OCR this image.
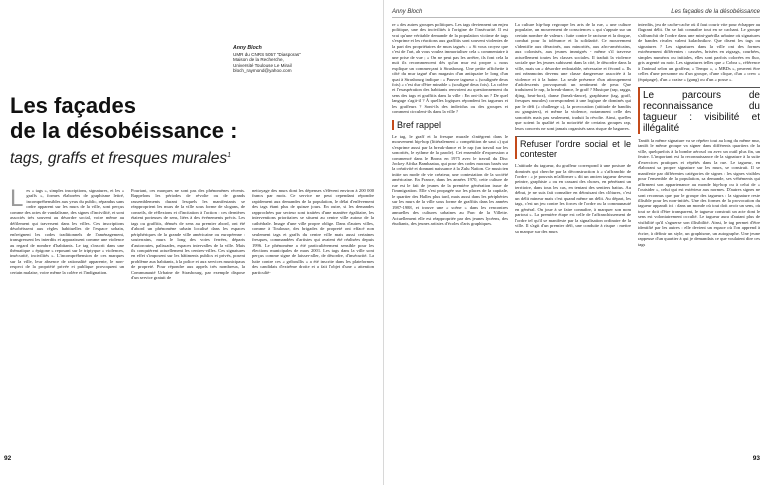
Anny Bloch
UMR du CNRS 5057 "Diasporas"
Maison de la Recherche,
Université Toulouse Le Mirail
bloch_raymond@yahoo.com
Les façades
de la désobéissance :
tags, graffs et fresques murales$^1$

Les « tags », simples inscriptions, signatures, et les « graffs », formes élaborées de graphisme lettré, incompréhensibles aux yeux du public, répandus sans ordre apparent sur les murs de la ville, sont perçus comme des actes de vandalisme, des signes d'incivilité, et sont associés très souvent au désordre social, voire même au défilement qui traversent dans les villes. Ces inscriptions désobéissent aux règles habituelles de l'espace urbain, enfreignent les codes traditionnels de l'aménagement, transgressent les interdits et apparaissent comme une violence au regard de nombre d'habitants. Le tag s'inscrit dans une thématique « épigone » reposant sur le triptyque « violences, insécurité, incivilités ». L'incompréhension de ces marques sur la ville, leur absence de rationalité apparente, le non-respect de la propriété privée et publique provoquent un certain malaise, voire même la colère et l'indignation.

Pourtant, ces marques ne sont pas des phénomènes récents. Rappelons les périodes de révolte ou de grands rassemblements durant lesquels les manifestants se réapproprient les murs de la ville sous forme de slogans, de conseils, de réflexions et d'incitation à l'action : ces dernières étaient porteuses de sens, liées à des événements précis. Les tags ou graffitis, dénués de sens au premier abord, ont été d'abord un phénomène urbain localisé dans les espaces périphériques de la grande ville américaine ou européenne : souterrains, murs le long des voies ferrées, départs d'autoroutes, palissades, espaces intervalles de la ville. Mais ils conquièrent actuellement les centres-villes. Ces signatures en effet s'imposent sur les bâtiments publics et privés, posent problème aux habitants, à la police et aux services municipaux de propreté. Pour répondre aux appels très nombreux, la Communauté Urbaine de Strasbourg, par exemple dispose d'un service gratuit de

nettoyage des murs dont les dépenses s'élèvent environ à 200 000 francs par mois. Ce service ne peut cependant répondre rapidement aux demandes de la population, le délai d'enlèvement des tags étant plus de quinze jours. En outre, si les demandes rapprochées par secteur sont traitées d'une manière égalitaire, les interventions prioritaires se situent au centre ville autour de la cathédrale. Image d'une ville propre oblige. Dans d'autres villes, comme à Toulouse, des brigades de propreté ont effacé non seulement tags et graffs du centre ville mais aussi certaines fresques, commandées d'artistes qui avaient été réalisées depuis 1996. Le phénomène a été particulièrement sensible pour les élections municipales de mars 2001. Les tags dans la ville sont perçus comme signe de laisser-aller, de désordre, d'insécurité. La lutte contre ces « griboullis » a été inscrite dans les plateformes des candidats d'extrême droite et a fait l'objet d'une « attention particuliè-

92
Anny Bloch	Les façades de la désobéissance

re » des autres groupes politiques. Les tags deviennent un enjeu politique, une des incivilités à l'origine de l'insécurité. Il est vrai qu'une véritable demande de la population victime de tags s'exprime et les réactions aux graffitis sont souvent violentes de la part des propriétaires de murs tagués : « Si vous croyez que c'est de l'art, ah vous voulez immortaliser cela » commentaire à une prise de vue ; « On ne peut pas les arrêter, ils font cela la nuit ils recommencent dès qu'un mur est propre » nous explique un commerçant à Strasbourg. Une petite affichette à côté du mur tagué d'un magasin d'un antiquaire le long d'un quai à Strasbourg indique : « Pauvre tagueur » (soulignée deux fois) « c'est dur d'être minable » (souligné deux fois). La colère et l'exaspération des habitants renvoient au questionnement du sens des tags et graffitis dans la ville : En ont-ils un ? De quel langage s'agit-il ? À quelles logiques répondent les tagueurs et les graffeurs ? Sont-ils des individus ou des groupes et comment circulent-ils dans la ville ?

Bref rappel

Le tag, le graff et la fresque murale s'intègrent dans le mouvement hip-hop (littéralement « compétition de saut ») qui s'exprime aussi par la break-dance et le rap (un travail sur les sonorités, le rythme de la parole). Cet ensemble d'expression a commencé dans le Bronx en 1975 avec le travail du Disc Jockey Afrika Bambaataa, qui pose des codes moraux basés sur la créativité et donnant naissance à la Zulu Nation. Ce musicien initie un mode de vie créateur, une contestation de la société américaine. En France, dans les années 1970, cette culture de rue est le fait de jeunes de la première génération issue de l'immigration. Elle s'est propagée sur les places de la capitale, le quartier des Halles plus tard, mais aussi dans les périphéries sur les murs de la ville sous forme de graffitis dans les années 1987-1988, et trouve une « scène » dans les rencontres annuelles des cultures urbaines au Parc de la Villette. Actuellement elle est réappropriée par des jeunes lycéens, des étudiants, des jeunes artistes d'écoles d'arts graphiques.

La culture hip-hop regroupe les arts de la rue, « une culture populaire, un mouvement de consciences » qui s'appuie sur un certain nombre de valeurs : lutte contre le racisme et la drogue, combat pour la tolérance et la solidarité. Ce mouvement s'identifie aux déracinés, aux minorités, aux afro-américains, aux colonisés, aux jeunes immigrés - même s'il traverse actuellement toutes les classes sociales. Il traduit la violence sociale que les jeunes subissent dans la cité, le désordre dans la ville, mais un « désordre redoutable, nécessaire et fécond ». Ils ont néanmoins devenu une classe dangereuse associée à la violence et à la haine. La seule présence d'un attroupement d'adolescents provoquerait un sentiment de peur. Que traduisent le rap, la break-dance, le graff ? Musique (rap, ragga, djing, beat-box), danse (break-dance), graphisme (tag, graff, fresques murales) correspondent à une logique de dominés qui par le défi (« challenge »), la provocation (attitude de bandits ou gangsters), et même la violence, notamment celle des sonorités mais pas seulement, traduit la révolte. Ainsi, quelles que soient la qualité et la notoriété de certains groupes rap, leurs concerts ne sont jamais organisés sans risque de bagarres.

Refuser l'ordre social et le contester

L'attitude du tagueur, du graffeur correspond à une posture de dominés qui cherche par la déconstruction à « s'affranchir de l'ordre : « je pouvais m'affirmer » dit un ancien tagueur devenu peintre, graphiste « ou en cassant des choses, en pénétrant un territoire, dans tous les cas, en tentant des sentiers battus. Au début, je ne suis fait connaître en détruisant des clôtures, c'est un délit mineur mais c'est quand même un délit. Au départ, les tags, c'est un jeu contre les forces de l'ordre ou la communauté en général. On joue à se faire connaître, à marquer son nom partout ». La première étape est celle de l'affranchissement de l'ordre tel qu'il se manifeste par la signalisation ordinaire de la ville. Il s'agit d'un premier défi, une conduite à risque : mettre sa marque sur des murs

interdits, jeu de cache-cache où il faut courir vite pour échapper au flagrant délit. On se fait connaître tout en se cachant. Le groupe s'affranchit de l'ordre dans une mini-guérilla urbaine où signatures de bandes rivales valent kalachnikov. Que disent les tags ou signatures ? Les signatures dans la ville ont des formes extrêmement différentes : cassées, brisées en zigzags, courbées, simples numéros ou initiales, elles sont parfois colorées en fluo, gris argenté ou noir. Les signatures telles que « Cobra », référence à l'animal selon un graffeur, « Tempo », « MBDs », peuvent être celles d'une personne ou d'un groupe, d'une clique, d'un « crew » (équipage), d'un « craise » (gang) ou d'un « posse ».

Le parcours de reconnaissance du tagueur : visibilité et illégalité

Tantôt la même signature va se répéter tout au long du même mur, tantôt le même groupe va signer dans différents quartiers de la ville, quelquefois à la bombe aérosol ou avec un outil plus fin, un feutre. L'important est la reconnaissance de la signature à la suite d'exercices pratiques et répétés dans la rue. Le tagueur, en élaborant sa propre signature sur les murs, se construit. Il se manifeste par différentes catégories de signes : les signes visibles pour l'ensemble de la population, sa demande, ses véhéments qui affirment son appartenance au monde hip-hop ou à celui de « l'outsider », celui qui est extérieur aux normes. D'autres signes ne sont reconnus que par le groupe des tagueurs : la signature reste illisible pour les non-initiés. Une des formes de la provocation du tagueur apparaît ici : dans un monde où tout doit avoir un sens, où tout se doit d'être transparent, le tagueur construit un acte dont le sens est volontairement occulté. Le tagueur aura d'autant plus de visibilité qu'il s'aguerse son illisibilité. Ainsi, le tag permet d'être identifié par les autres : elle devient un espace où l'on apprend à écrire, à définir un style, un graphisme, un autographe. Une jeune rappeuse d'un quartier à qui je demandais ce que voulaient dire ces tags

93
